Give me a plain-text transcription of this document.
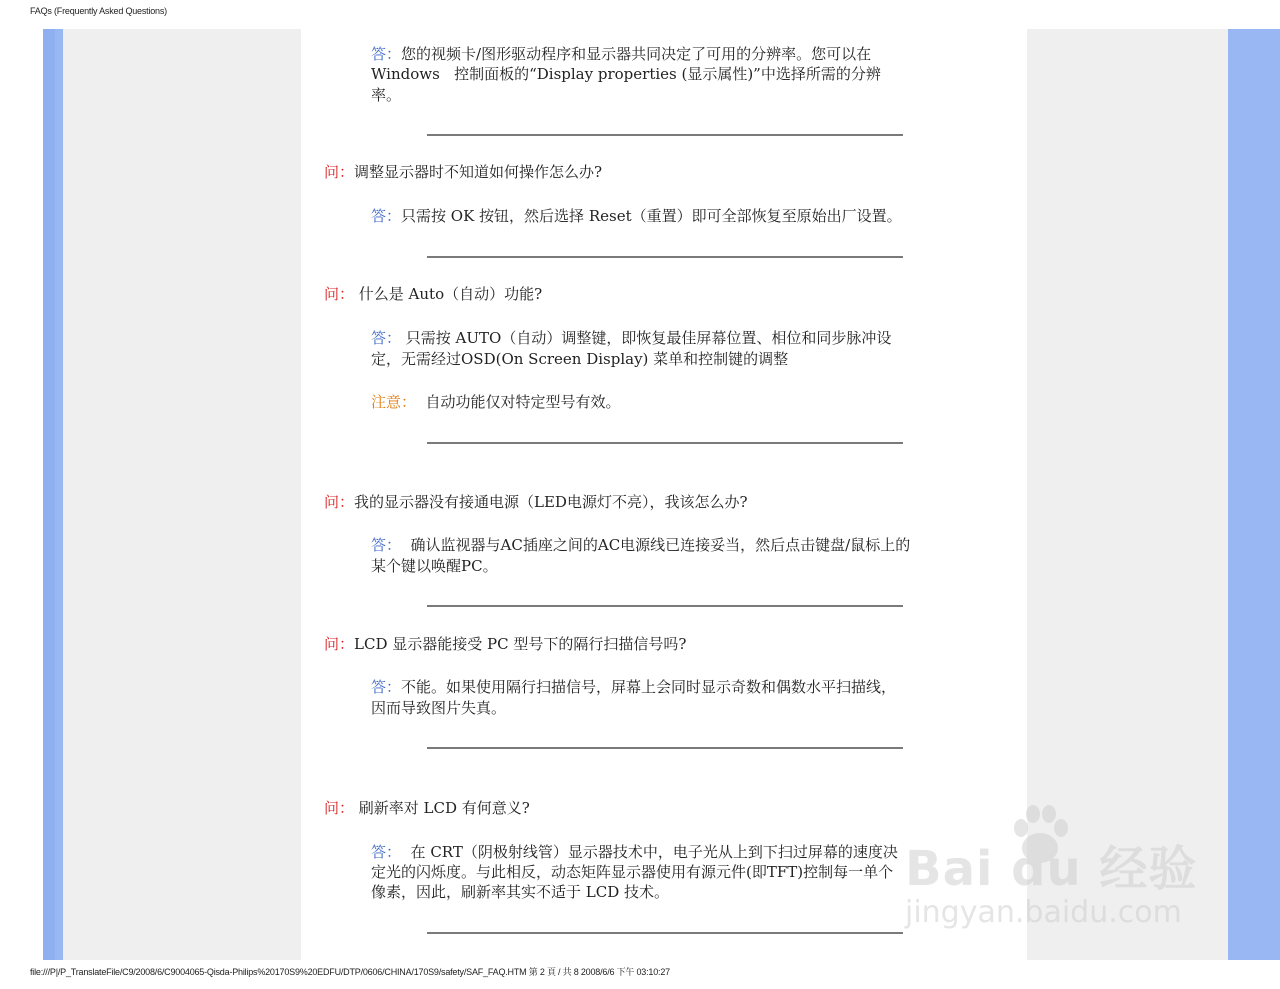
FAQs (Frequently Asked Questions)
答：您的视频卡/图形驱动程序和显示器共同决定了可用的分辨率。您可以在
Windows   控制面板的“Display properties (显示属性)”中选择所需的分辨
率。
问：调整显示器时不知道如何操作怎么办?
答：只需按 OK 按钮，然后选择 Reset（重置）即可全部恢复至原始出厂设置。
问： 什么是 Auto（自动）功能?
答： 只需按 AUTO（自动）调整键，即恢复最佳屏幕位置、相位和同步脉冲设
定，无需经过OSD(On Screen Display) 菜单和控制键的调整
注意：  自动功能仅对特定型号有效。
问：我的显示器没有接通电源（LED电源灯不亮），我该怎么办?
答：  确认监视器与AC插座之间的AC电源线已连接妥当，然后点击键盘/鼠标上的
某个键以唤醒PC。
问：LCD 显示器能接受 PC 型号下的隔行扫描信号吗?
答：不能。如果使用隔行扫描信号，屏幕上会同时显示奇数和偶数水平扫描线，
因而导致图片失真。
问： 刷新率对 LCD 有何意义?
答：  在 CRT（阴极射线管）显示器技术中，电子光从上到下扫过屏幕的速度决
定光的闪烁度。与此相反，动态矩阵显示器使用有源元件(即TFT)控制每一单个
像素，因此，刷新率其实不适于 LCD 技术。	Bai du 经验
jingyan.baidu.com
file:///P|/P_TranslateFile/C9/2008/6/C9004065-Qisda-Philips%20170S9%20EDFU/DTP/0606/CHINA/170S9/safety/SAF_FAQ.HTM 第 2 頁 / 共 8 2008/6/6 下午 03:10:27
